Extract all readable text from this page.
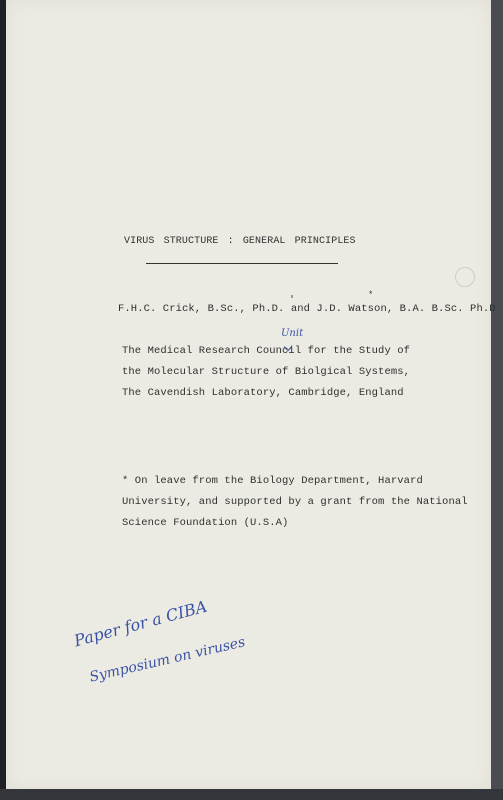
VIRUS STRUCTURE : GENERAL PRINCIPLES
*
F.H.C. Crick, B.Sc., Ph.D. and J.D. Watson, B.A. B.Sc. Ph.D
Unit
The Medical Research Council for the Study of
the Molecular Structure of Biolgical Systems,
The Cavendish Laboratory, Cambridge, England
* On leave from the Biology Department, Harvard
University, and supported by a grant from the National
Science Foundation (U.S.A)
Paper for a CIBA
Symposium on viruses
